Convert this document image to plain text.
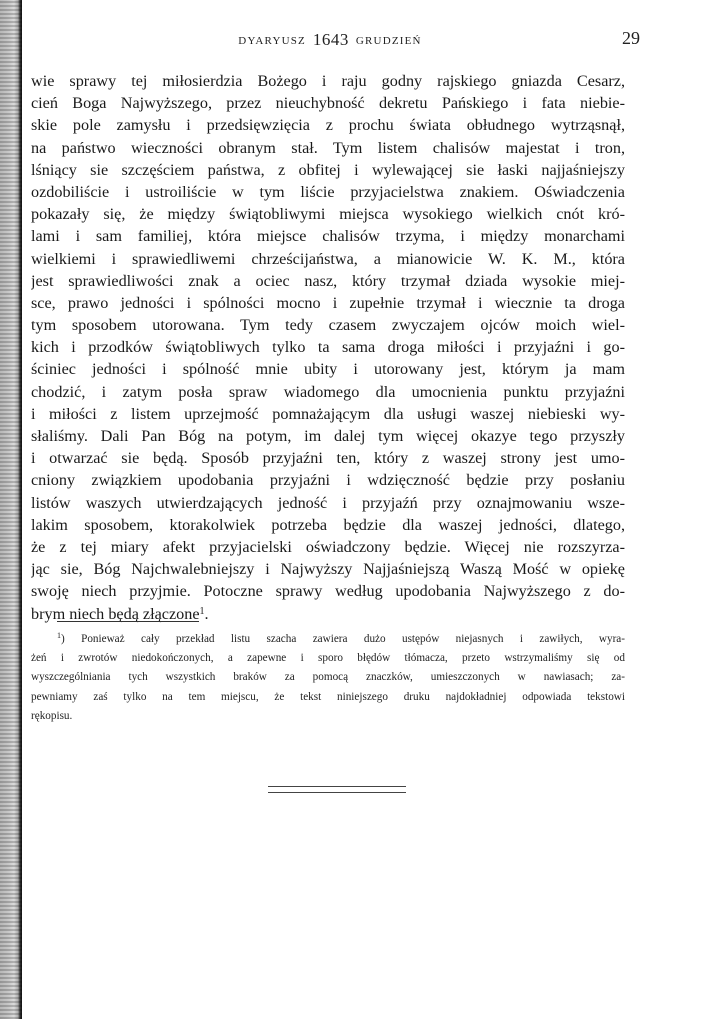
DYARYUSZ 1643 GRUDZIEŃ	29
wie sprawy tej miłosierdzia Bożego i raju godny rajskiego gniazda Cesarz,
cień Boga Najwyższego, przez nieuchybność dekretu Pańskiego i fata niebie-
skie pole zamysłu i przedsięwzięcia z prochu świata obłudnego wytrząsnął,
na państwo wieczności obranym stał. Tym listem chalisów majestat i tron,
lśniący sie szczęściem państwa, z obfitej i wylewającej sie łaski najjaśniejszy
ozdobiliście i ustroiliście w tym liście przyjacielstwa znakiem. Oświadczenia
pokazały się, że między świątobliwymi miejsca wysokiego wielkich cnót kró-
lami i sam familiej, która miejsce chalisów trzyma, i między monarchami
wielkiemi i sprawiedliwemi chrześcijaństwa, a mianowicie W. K. M., która
jest sprawiedliwości znak a ociec nasz, który trzymał dziada wysokie miej-
sce, prawo jedności i spólności mocno i zupełnie trzymał i wiecznie ta droga
tym sposobem utorowana. Tym tedy czasem zwyczajem ojców moich wiel-
kich i przodków świątobliwych tylko ta sama droga miłości i przyjaźni i go-
ściniec jedności i spólność mnie ubity i utorowany jest, którym ja mam
chodzić, i zatym posła spraw wiadomego dla umocnienia punktu przyjaźni
i miłości z listem uprzejmość pomnażającym dla usługi waszej niebieski wy-
słaliśmy. Dali Pan Bóg na potym, im dalej tym więcej okazye tego przyszły
i otwarzać sie będą. Sposób przyjaźni ten, który z waszej strony jest umo-
cniony związkiem upodobania przyjaźni i wdzięczność będzie przy posłaniu
listów waszych utwierdzających jedność i przyjaźń przy oznajmowaniu wsze-
lakim sposobem, ktorakolwiek potrzeba będzie dla waszej jedności, dlatego,
że z tej miary afekt przyjacielski oświadczony będzie. Więcej nie rozszyrza-
jąc sie, Bóg Najchwalebniejszy i Najwyższy Najjaśniejszą Waszą Mość w opiekę
swoję niech przyjmie. Potoczne sprawy według upodobania Najwyższego z do-
brym niech będą złączone$^1$.
$^1$) Ponieważ cały przekład listu szacha zawiera dużo ustępów niejasnych i zawiłych, wyra-
żeń i zwrotów niedokończonych, a zapewne i sporo błędów tłómacza, przeto wstrzymaliśmy się od
wyszczególniania tych wszystkich braków za pomocą znaczków, umieszczonych w nawiasach; za-
pewniamy zaś tylko na tem miejscu, że tekst niniejszego druku najdokładniej odpowiada tekstowi
rękopisu.
